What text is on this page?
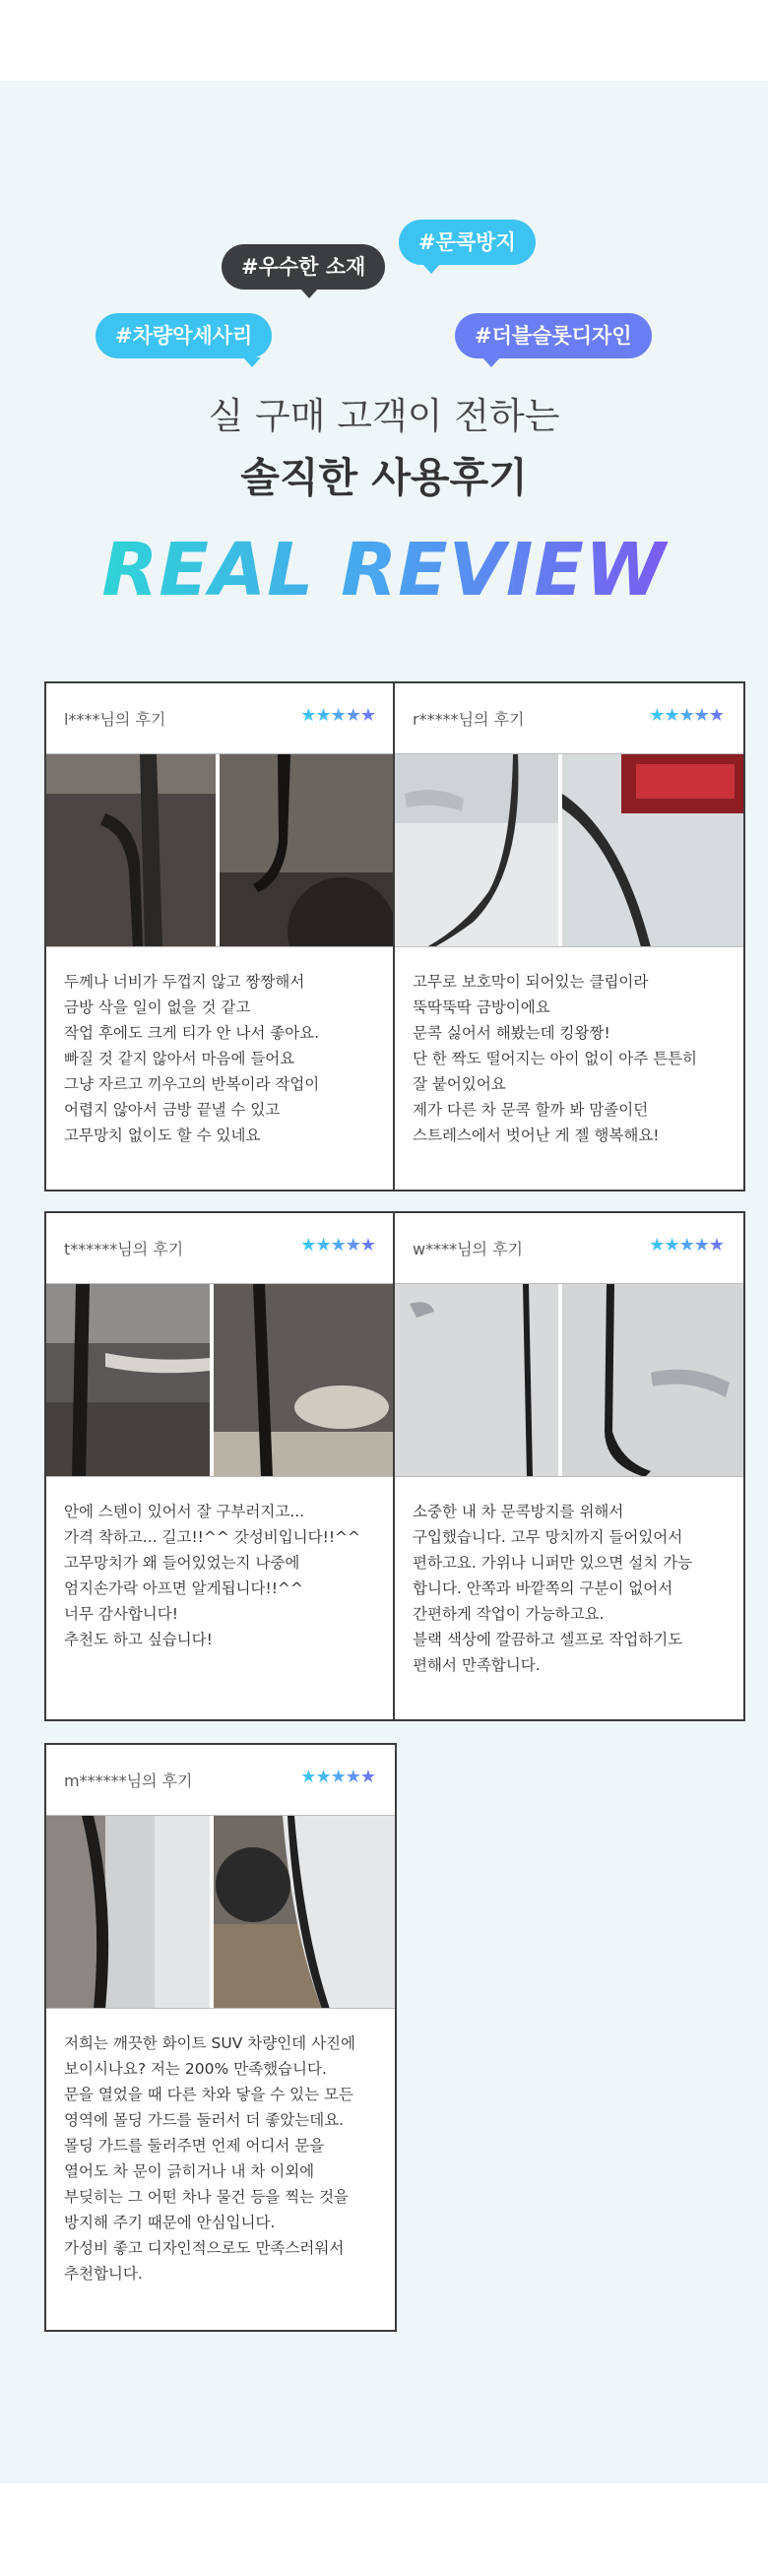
#우수한 소재
#문콕방지
#차량악세사리	#더블슬롯디자인
실 구매 고객이 전하는
솔직한 사용후기
REAL REVIEW
l****님의 후기	★★★★★
두께나 너비가 두껍지 않고 짱짱해서
금방 삭을 일이 없을 것 같고
작업 후에도 크게 티가 안 나서 좋아요.
빠질 것 같지 않아서 마음에 들어요
그냥 자르고 끼우고의 반복이라 작업이
어렵지 않아서 금방 끝낼 수 있고
고무망치 없이도 할 수 있네요
r*****님의 후기	★★★★★
고무로 보호막이 되어있는 클립이라
뚝딱뚝딱 금방이에요
문콕 싫어서 해봤는데 킹왕짱!
단 한 짝도 떨어지는 아이 없이 아주 튼튼히
잘 붙어있어요
제가 다른 차 문콕 할까 봐 맘졸이던
스트레스에서 벗어난 게 젤 행복해요!
t******님의 후기	★★★★★
안에 스텐이 있어서 잘 구부러지고...
가격 착하고... 길고!!^^ 갓성비입니다!!^^
고무망치가 왜 들어있었는지 나중에
엄지손가락 아프면 알게됩니다!!^^
너무 감사합니다!
추천도 하고 싶습니다!
w****님의 후기	★★★★★
소중한 내 차 문콕방지를 위해서
구입했습니다. 고무 망치까지 들어있어서
편하고요. 가위나 니퍼만 있으면 설치 가능
합니다. 안쪽과 바깥쪽의 구분이 없어서
간편하게 작업이 가능하고요.
블랙 색상에 깔끔하고 셀프로 작업하기도
편해서 만족합니다.
m******님의 후기	★★★★★
저희는 깨끗한 화이트 SUV 차량인데 사진에
보이시나요? 저는 200% 만족했습니다.
문을 열었을 때 다른 차와 닿을 수 있는 모든
영역에 몰딩 가드를 둘러서 더 좋았는데요.
몰딩 가드를 둘러주면 언제 어디서 문을
열어도 차 문이 긁히거나 내 차 이외에
부딪히는 그 어떤 차나 물건 등을 찍는 것을
방지해 주기 때문에 안심입니다.
가성비 좋고 디자인적으로도 만족스러워서
추천합니다.
